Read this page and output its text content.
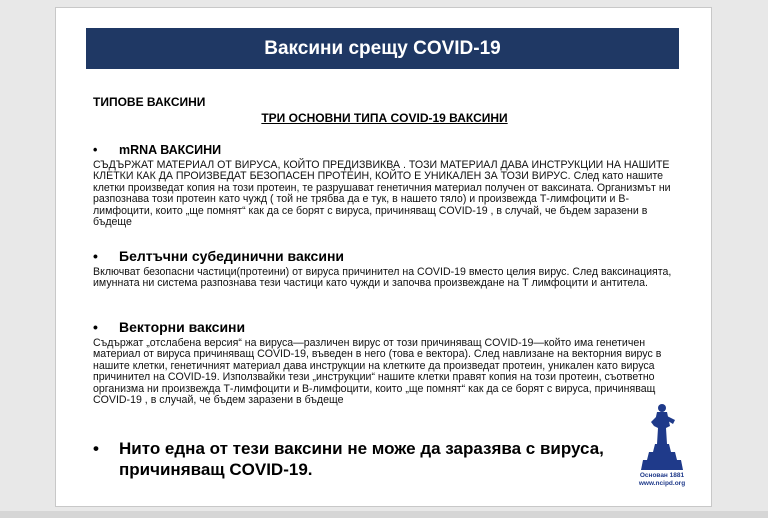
Ваксини срещу COVID-19
ТИПОВЕ ВАКСИНИ
ТРИ ОСНОВНИ ТИПА COVID-19 ВАКСИНИ
•	mRNA ВАКСИНИ
СЪДЪРЖАТ МАТЕРИАЛ ОТ ВИРУСА, КОЙТО ПРЕДИЗВИКВА . ТОЗИ МАТЕРИАЛ ДАВА ИНСТРУКЦИИ НА НАШИТЕ КЛЕТКИ КАК ДА ПРОИЗВЕДАТ БЕЗОПАСЕН ПРОТЕИН, КОЙТО Е УНИКАЛЕН ЗА ТОЗИ ВИРУС. След като нашите клетки произведат копия на този протеин, те разрушават генетичния материал получен от ваксината. Организмът ни разпознава този протеин като чужд ( той не трябва да е тук, в нашето тяло) и произвежда Т-лимфоцити и В-лимфоцити, които „ще помнят“ как да се борят с вируса, причиняващ COVID-19 , в случай, че бъдем заразени в бъдеще
•	Белтъчни субединични ваксини
Включват безопасни частици(протеини) от вируса причинител на COVID-19 вместо целия вирус. След ваксинацията, имунната ни система разпознава тези частици като чужди и започва произвеждане на Т лимфоцити и антитела.
•	Векторни ваксини
Съдържат „отслабена версия“ на вируса—различен вирус от този причиняващ COVID-19—който има генетичен материал от вируса причиняващ COVID-19, въведен в него (това е вектора). След навлизане на векторния вирус в нашите клетки, генетичният материал дава инструкции на клетките да произведат протеин, уникален като вируса причинител на COVID-19. Използвайки тези „инструкции“ нашите клетки правят копия на този протеин, съответно организма ни произвежда Т-лимфоцити и В-лимфоцити, които „ще помнят“ как да се борят с вируса, причиняващ COVID-19 , в случай, че бъдем заразени в бъдеще
•	Нито една от тези ваксини не може да заразява с вируса, причиняващ COVID-19.	Основан 1881
www.ncipd.org
